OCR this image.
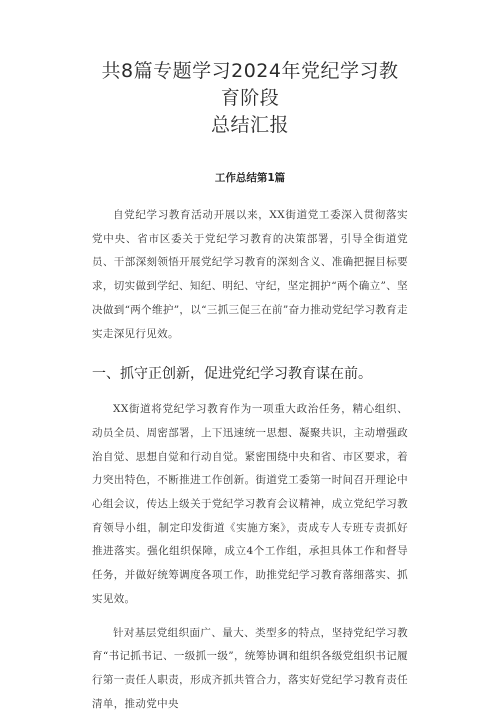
共8篇专题学习2024年党纪学习教育阶段
总结汇报
工作总结第1篇

自党纪学习教育活动开展以来，XX街道党工委深入贯彻落实党中央、省市区委关于党纪学习教育的决策部署，引导全街道党员、干部深刻领悟开展党纪学习教育的深刻含义、准确把握目标要求，切实做到学纪、知纪、明纪、守纪，坚定拥护“两个确立”、坚决做到“两个维护”，以“三抓三促三在前”奋力推动党纪学习教育走实走深见行见效。

一、抓守正创新，促进党纪学习教育谋在前。

XX街道将党纪学习教育作为一项重大政治任务，精心组织、动员全员、周密部署，上下迅速统一思想、凝聚共识，主动增强政治自觉、思想自觉和行动自觉。紧密围绕中央和省、市区要求，着力突出特色，不断推进工作创新。街道党工委第一时间召开理论中心组会议，传达上级关于党纪学习教育会议精神，成立党纪学习教育领导小组，制定印发街道《实施方案》，责成专人专班专责抓好推进落实。强化组织保障，成立4个工作组，承担具体工作和督导任务，并做好统筹调度各项工作，助推党纪学习教育落细落实、抓实见效。

针对基层党组织面广、量大、类型多的特点，坚持党纪学习教育“书记抓书记、一级抓一级”，统筹协调和组织各级党组织书记履行第一责任人职责，形成齐抓共管合力，落实好党纪学习教育责任清单，推动党中央
